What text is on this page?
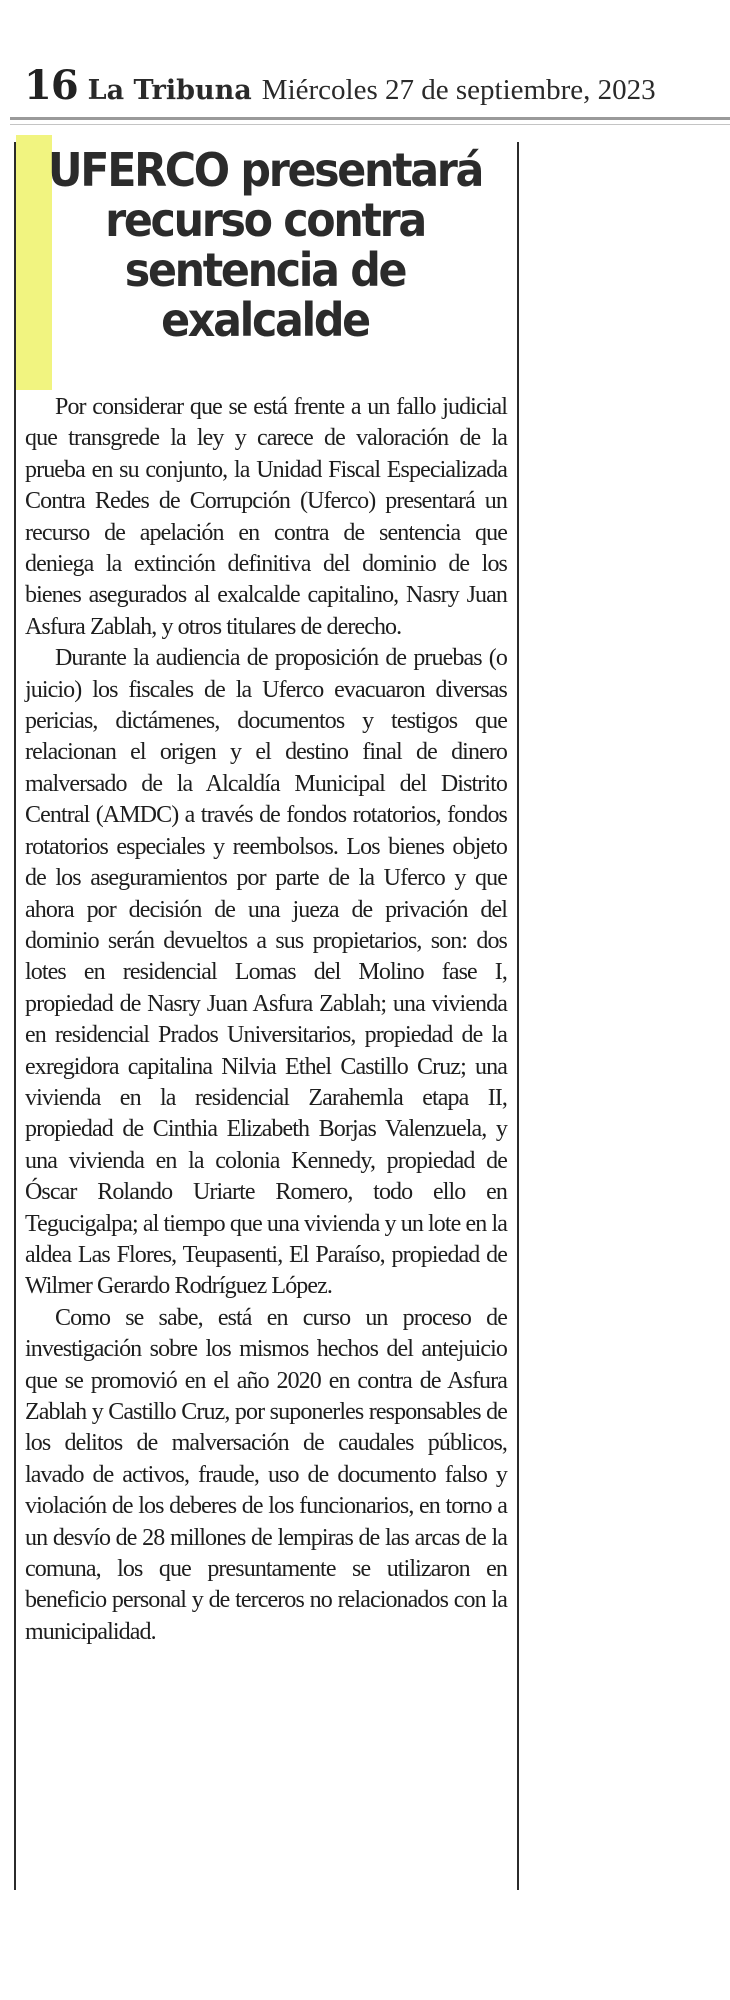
16 La Tribuna Miércoles 27 de septiembre, 2023
UFERCO presentará recurso contra sentencia de exalcalde

Por considerar que se está frente a un fallo judicial que transgrede la ley y carece de valoración de la prueba en su conjunto, la Unidad Fiscal Especializada Contra Redes de Corrupción (Uferco) presentará un recurso de apelación en contra de sentencia que deniega la extinción definitiva del dominio de los bienes asegurados al exalcalde capitalino, Nasry Juan Asfura Zablah, y otros titulares de derecho.

Durante la audiencia de proposición de pruebas (o juicio) los fiscales de la Uferco evacuaron diversas pericias, dictámenes, documentos y testigos que relacionan el origen y el destino final de dinero malversado de la Alcaldía Municipal del Distrito Central (AMDC) a través de fondos rotatorios, fondos rotatorios especiales y reembolsos. Los bienes objeto de los aseguramientos por parte de la Uferco y que ahora por decisión de una jueza de privación del dominio serán devueltos a sus propietarios, son: dos lotes en residencial Lomas del Molino fase I, propiedad de Nasry Juan Asfura Zablah; una vivienda en residencial Prados Universitarios, propiedad de la exregidora capitalina Nilvia Ethel Castillo Cruz; una vivienda en la residencial Zarahemla etapa II, propiedad de Cinthia Elizabeth Borjas Valenzuela, y una vivienda en la colonia Kennedy, propiedad de Óscar Rolando Uriarte Romero, todo ello en Tegucigalpa; al tiempo que una vivienda y un lote en la aldea Las Flores, Teupasenti, El Paraíso, propiedad de Wilmer Gerardo Rodríguez López.

Como se sabe, está en curso un proceso de investigación sobre los mismos hechos del antejuicio que se promovió en el año 2020 en contra de Asfura Zablah y Castillo Cruz, por suponerles responsables de los delitos de malversación de caudales públicos, lavado de activos, fraude, uso de documento falso y violación de los deberes de los funcionarios, en torno a un desvío de 28 millones de lempiras de las arcas de la comuna, los que presuntamente se utilizaron en beneficio personal y de terceros no relacionados con la municipalidad.
